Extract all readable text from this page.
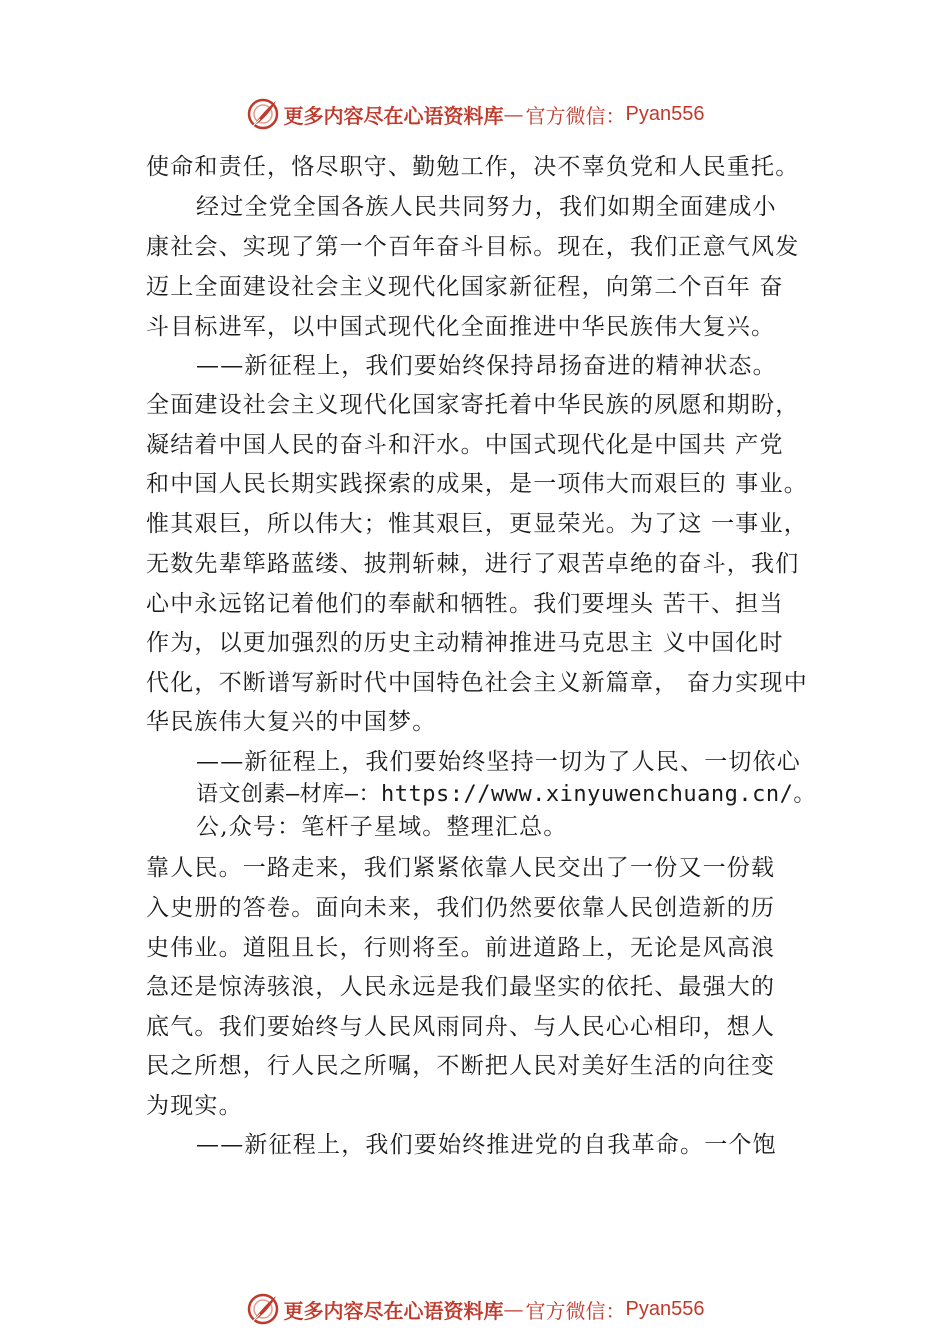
更多内容尽在心语资料库 — 官方微信： Pyan556
使命和责任，恪尽职守、勤勉工作，决不辜负党和人民重托。
经过全党全国各族人民共同努力，我们如期全面建成小
康社会、实现了第一个百年奋斗目标。现在，我们正意气风发
迈上全面建设社会主义现代化国家新征程，向第二个百年 奋
斗目标进军，以中国式现代化全面推进中华民族伟大复兴。
——新征程上，我们要始终保持昂扬奋进的精神状态。
全面建设社会主义现代化国家寄托着中华民族的夙愿和期盼，
凝结着中国人民的奋斗和汗水。中国式现代化是中国共 产党
和中国人民长期实践探索的成果，是一项伟大而艰巨的 事业。
惟其艰巨，所以伟大；惟其艰巨，更显荣光。为了这 一事业，
无数先辈筚路蓝缕、披荆斩棘，进行了艰苦卓绝的奋斗，我们
心中永远铭记着他们的奉献和牺牲。我们要埋头 苦干、担当
作为，以更加强烈的历史主动精神推进马克思主 义中国化时
代化，不断谱写新时代中国特色社会主义新篇章， 奋力实现中
华民族伟大复兴的中国梦。
——新征程上，我们要始终坚持一切为了人民、一切依心
语文创素—材库—：https://www.xinyuwenchuang.cn/。
公,众号：笔杆子星域。整理汇总。
靠人民。一路走来，我们紧紧依靠人民交出了一份又一份载
入史册的答卷。面向未来，我们仍然要依靠人民创造新的历
史伟业。道阻且长，行则将至。前进道路上，无论是风高浪
急还是惊涛骇浪，人民永远是我们最坚实的依托、最强大的
底气。我们要始终与人民风雨同舟、与人民心心相印，想人
民之所想，行人民之所嘱，不断把人民对美好生活的向往变
为现实。
——新征程上，我们要始终推进党的自我革命。一个饱
更多内容尽在心语资料库 — 官方微信： Pyan556
